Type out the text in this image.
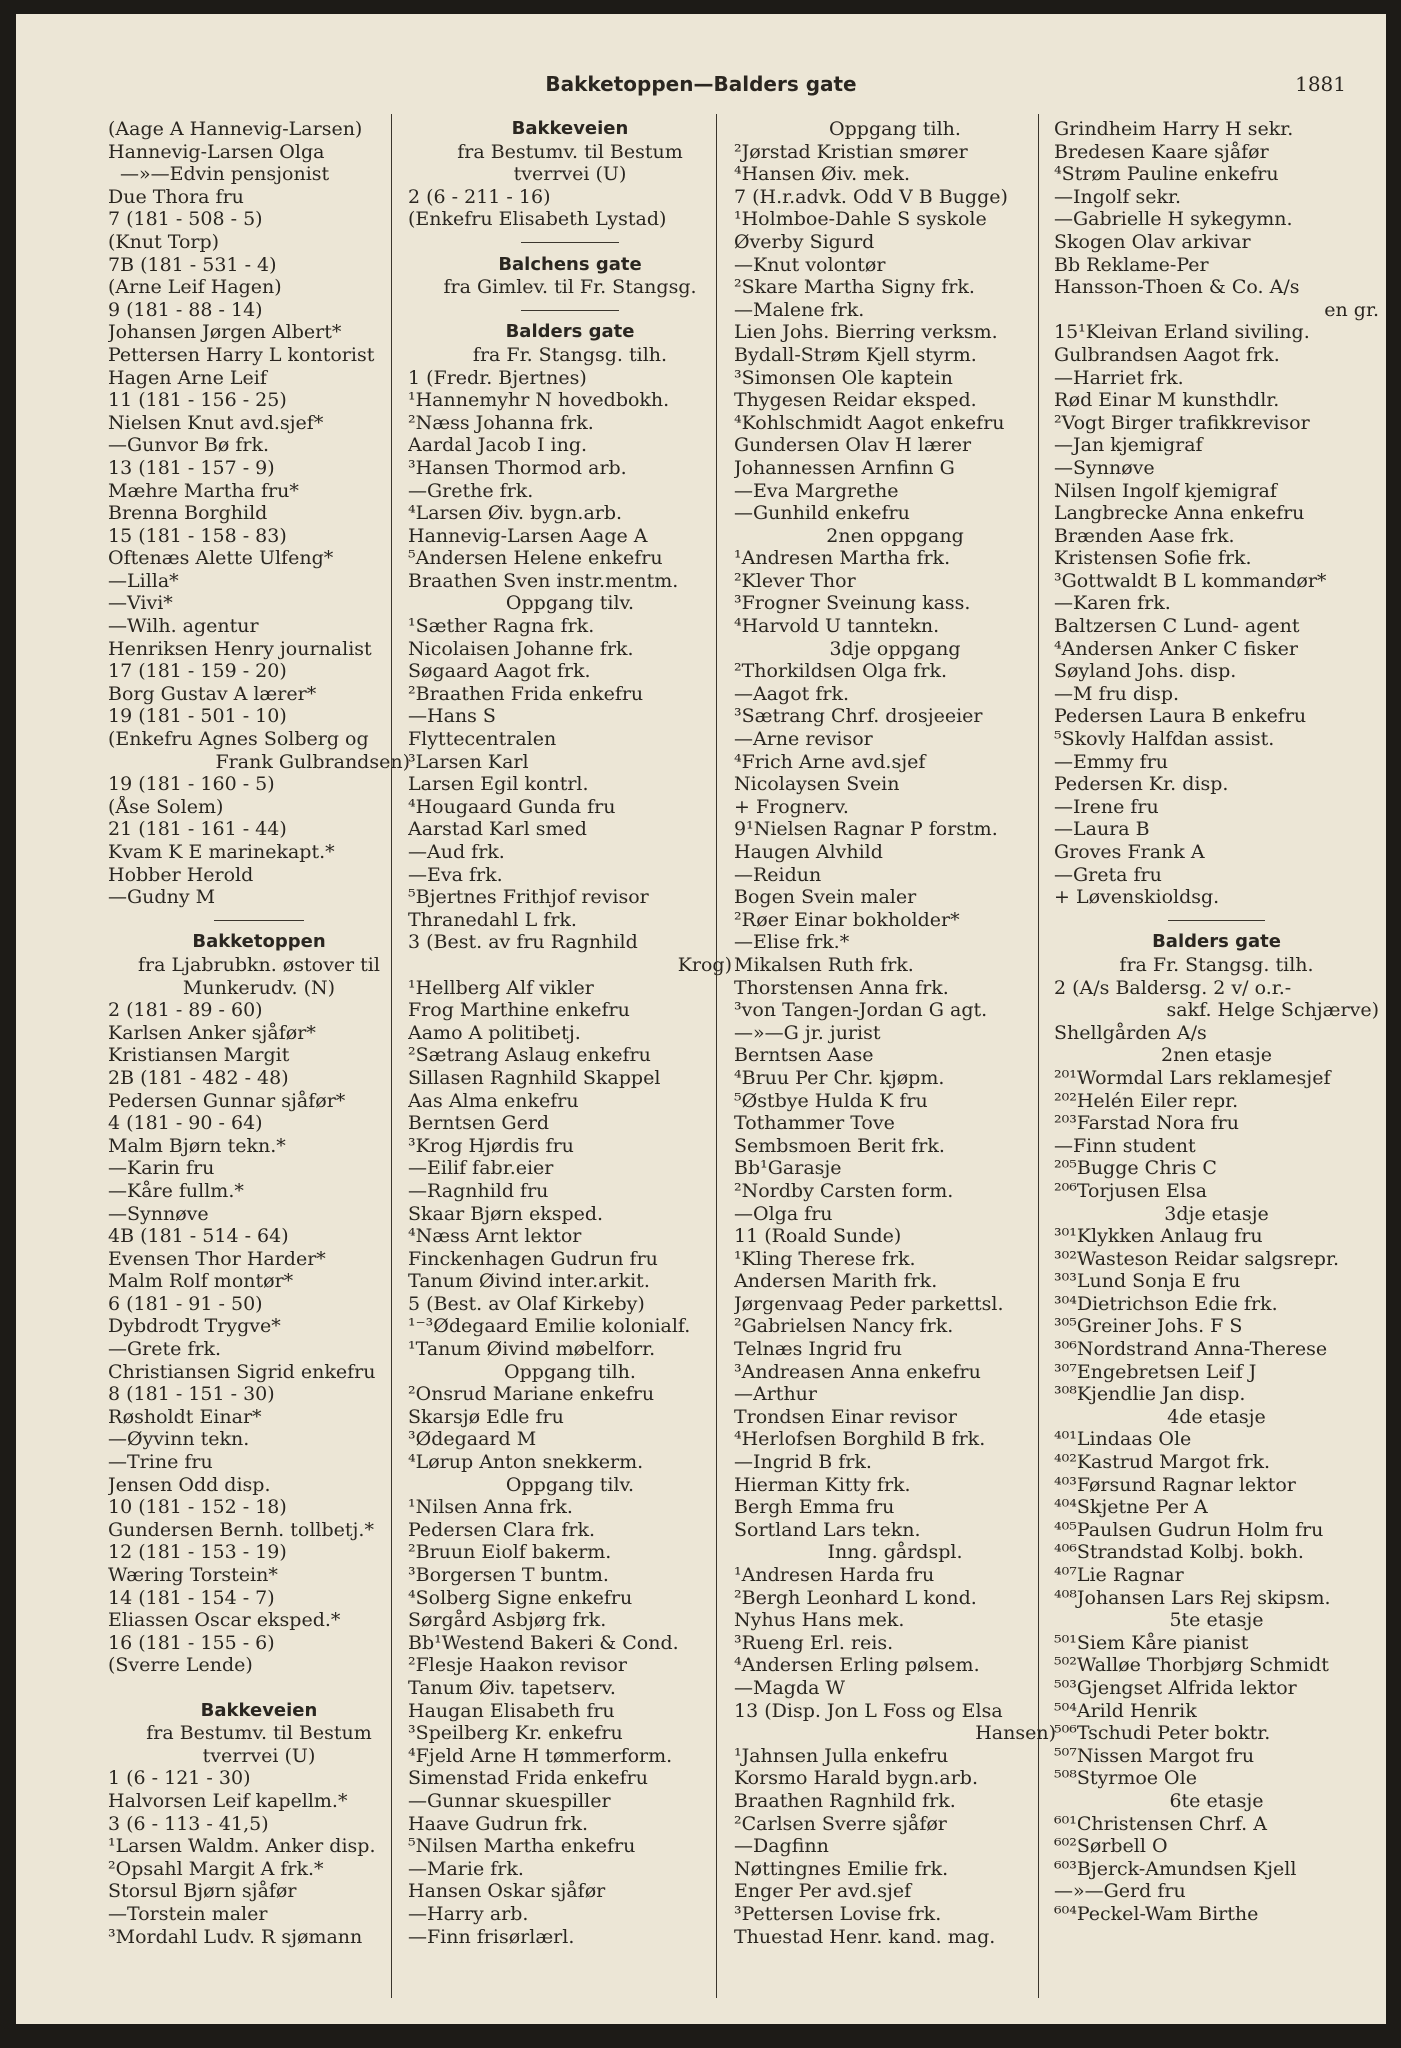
Bakketoppen—Balders gate	1881
(Aage A Hannevig-Larsen)
Hannevig-Larsen Olga
—»—Edvin pensjonist
Due Thora fru
7 (181 - 508 - 5)
(Knut Torp)
7B (181 - 531 - 4)
(Arne Leif Hagen)
9 (181 - 88 - 14)
Johansen Jørgen Albert*
Pettersen Harry L kontorist
Hagen Arne Leif
11 (181 - 156 - 25)
Nielsen Knut avd.sjef*
—Gunvor Bø frk.
13 (181 - 157 - 9)
Mæhre Martha fru*
Brenna Borghild
15 (181 - 158 - 83)
Oftenæs Alette Ulfeng*
—Lilla*
—Vivi*
—Wilh. agentur
Henriksen Henry journalist
17 (181 - 159 - 20)
Borg Gustav A lærer*
19 (181 - 501 - 10)
(Enkefru Agnes Solberg og
Frank Gulbrandsen)
19 (181 - 160 - 5)
(Åse Solem)
21 (181 - 161 - 44)
Kvam K E marinekapt.*
Hobber Herold
—Gudny M
Bakketoppen
fra Ljabrubkn. østover til
Munkerudv. (N)
2 (181 - 89 - 60)
Karlsen Anker sjåfør*
Kristiansen Margit
2B (181 - 482 - 48)
Pedersen Gunnar sjåfør*
4 (181 - 90 - 64)
Malm Bjørn tekn.*
—Karin fru
—Kåre fullm.*
—Synnøve
4B (181 - 514 - 64)
Evensen Thor Harder*
Malm Rolf montør*
6 (181 - 91 - 50)
Dybdrodt Trygve*
—Grete frk.
Christiansen Sigrid enkefru
8 (181 - 151 - 30)
Røsholdt Einar*
—Øyvinn tekn.
—Trine fru
Jensen Odd disp.
10 (181 - 152 - 18)
Gundersen Bernh. tollbetj.*
12 (181 - 153 - 19)
Wæring Torstein*
14 (181 - 154 - 7)
Eliassen Oscar eksped.*
16 (181 - 155 - 6)
(Sverre Lende)
Bakkeveien
fra Bestumv. til Bestum
tverrvei (U)
1 (6 - 121 - 30)
Halvorsen Leif kapellm.*
3 (6 - 113 - 41,5)
¹Larsen Waldm. Anker disp.
²Opsahl Margit A frk.*
Storsul Bjørn sjåfør
—Torstein maler
³Mordahl Ludv. R sjømann
Bakkeveien
fra Bestumv. til Bestum
tverrvei (U)
2 (6 - 211 - 16)
(Enkefru Elisabeth Lystad)
Balchens gate
fra Gimlev. til Fr. Stangsg.
Balders gate
fra Fr. Stangsg. tilh.
1 (Fredr. Bjertnes)
¹Hannemyhr N hovedbokh.
²Næss Johanna frk.
Aardal Jacob I ing.
³Hansen Thormod arb.
—Grethe frk.
⁴Larsen Øiv. bygn.arb.
Hannevig-Larsen Aage A
⁵Andersen Helene enkefru
Braathen Sven instr.mentm.
Oppgang tilv.
¹Sæther Ragna frk.
Nicolaisen Johanne frk.
Søgaard Aagot frk.
²Braathen Frida enkefru
—Hans S
Flyttecentralen
³Larsen Karl
Larsen Egil kontrl.
⁴Hougaard Gunda fru
Aarstad Karl smed
—Aud frk.
—Eva frk.
⁵Bjertnes Frithjof revisor
Thranedahl L frk.
3 (Best. av fru Ragnhild
Krog)
¹Hellberg Alf vikler
Frog Marthine enkefru
Aamo A politibetj.
²Sætrang Aslaug enkefru
Sillasen Ragnhild Skappel
Aas Alma enkefru
Berntsen Gerd
³Krog Hjørdis fru
—Eilif fabr.eier
—Ragnhild fru
Skaar Bjørn eksped.
⁴Næss Arnt lektor
Finckenhagen Gudrun fru
Tanum Øivind inter.arkit.
5 (Best. av Olaf Kirkeby)
¹⁻³Ødegaard Emilie kolonialf.
¹Tanum Øivind møbelforr.
Oppgang tilh.
²Onsrud Mariane enkefru
Skarsjø Edle fru
³Ødegaard M
⁴Lørup Anton snekkerm.
Oppgang tilv.
¹Nilsen Anna frk.
Pedersen Clara frk.
²Bruun Eiolf bakerm.
³Borgersen T buntm.
⁴Solberg Signe enkefru
Sørgård Asbjørg frk.
Bb¹Westend Bakeri & Cond.
²Flesje Haakon revisor
Tanum Øiv. tapetserv.
Haugan Elisabeth fru
³Speilberg Kr. enkefru
⁴Fjeld Arne H tømmerform.
Simenstad Frida enkefru
—Gunnar skuespiller
Haave Gudrun frk.
⁵Nilsen Martha enkefru
—Marie frk.
Hansen Oskar sjåfør
—Harry arb.
—Finn frisørlærl.
Oppgang tilh.
²Jørstad Kristian smører
⁴Hansen Øiv. mek.
7 (H.r.advk. Odd V B Bugge)
¹Holmboe-Dahle S syskole
Øverby Sigurd
—Knut volontør
²Skare Martha Signy frk.
—Malene frk.
Lien Johs. Bierring verksm.
Bydall-Strøm Kjell styrm.
³Simonsen Ole kaptein
Thygesen Reidar eksped.
⁴Kohlschmidt Aagot enkefru
Gundersen Olav H lærer
Johannessen Arnfinn G
—Eva Margrethe
—Gunhild enkefru
2nen oppgang
¹Andresen Martha frk.
²Klever Thor
³Frogner Sveinung kass.
⁴Harvold U tanntekn.
3dje oppgang
²Thorkildsen Olga frk.
—Aagot frk.
³Sætrang Chrf. drosjeeier
—Arne revisor
⁴Frich Arne avd.sjef
Nicolaysen Svein
+ Frognerv.
9¹Nielsen Ragnar P forstm.
Haugen Alvhild
—Reidun
Bogen Svein maler
²Røer Einar bokholder*
—Elise frk.*
Mikalsen Ruth frk.
Thorstensen Anna frk.
³von Tangen-Jordan G agt.
—»—G jr. jurist
Berntsen Aase
⁴Bruu Per Chr. kjøpm.
⁵Østbye Hulda K fru
Tothammer Tove
Sembsmoen Berit frk.
Bb¹Garasje
²Nordby Carsten form.
—Olga fru
11 (Roald Sunde)
¹Kling Therese frk.
Andersen Marith frk.
Jørgenvaag Peder parkettsl.
²Gabrielsen Nancy frk.
Telnæs Ingrid fru
³Andreasen Anna enkefru
—Arthur
Trondsen Einar revisor
⁴Herlofsen Borghild B frk.
—Ingrid B frk.
Hierman Kitty frk.
Bergh Emma fru
Sortland Lars tekn.
Inng. gårdspl.
¹Andresen Harda fru
²Bergh Leonhard L kond.
Nyhus Hans mek.
³Rueng Erl. reis.
⁴Andersen Erling pølsem.
—Magda W
13 (Disp. Jon L Foss og Elsa
Hansen)
¹Jahnsen Julla enkefru
Korsmo Harald bygn.arb.
Braathen Ragnhild frk.
²Carlsen Sverre sjåfør
—Dagfinn
Nøttingnes Emilie frk.
Enger Per avd.sjef
³Pettersen Lovise frk.
Thuestad Henr. kand. mag.
Grindheim Harry H sekr.
Bredesen Kaare sjåfør
⁴Strøm Pauline enkefru
—Ingolf sekr.
—Gabrielle H sykegymn.
Skogen Olav arkivar
Bb Reklame-Per
Hansson-Thoen & Co. A/s
en gr.
15¹Kleivan Erland siviling.
Gulbrandsen Aagot frk.
—Harriet frk.
Rød Einar M kunsthdlr.
²Vogt Birger trafikkrevisor
—Jan kjemigraf
—Synnøve
Nilsen Ingolf kjemigraf
Langbrecke Anna enkefru
Brænden Aase frk.
Kristensen Sofie frk.
³Gottwaldt B L kommandør*
—Karen frk.
Baltzersen C Lund- agent
⁴Andersen Anker C fisker
Søyland Johs. disp.
—M fru disp.
Pedersen Laura B enkefru
⁵Skovly Halfdan assist.
—Emmy fru
Pedersen Kr. disp.
—Irene fru
—Laura B
Groves Frank A
—Greta fru
+ Løvenskioldsg.
Balders gate
fra Fr. Stangsg. tilh.
2 (A/s Baldersg. 2 v/ o.r.-
sakf. Helge Schjærve)
Shellgården A/s
2nen etasje
²⁰¹Wormdal Lars reklamesjef
²⁰²Helén Eiler repr.
²⁰³Farstad Nora fru
—Finn student
²⁰⁵Bugge Chris C
²⁰⁶Torjusen Elsa
3dje etasje
³⁰¹Klykken Anlaug fru
³⁰²Wasteson Reidar salgsrepr.
³⁰³Lund Sonja E fru
³⁰⁴Dietrichson Edie frk.
³⁰⁵Greiner Johs. F S
³⁰⁶Nordstrand Anna-Therese
³⁰⁷Engebretsen Leif J
³⁰⁸Kjendlie Jan disp.
4de etasje
⁴⁰¹Lindaas Ole
⁴⁰²Kastrud Margot frk.
⁴⁰³Førsund Ragnar lektor
⁴⁰⁴Skjetne Per A
⁴⁰⁵Paulsen Gudrun Holm fru
⁴⁰⁶Strandstad Kolbj. bokh.
⁴⁰⁷Lie Ragnar
⁴⁰⁸Johansen Lars Rej skipsm.
5te etasje
⁵⁰¹Siem Kåre pianist
⁵⁰²Walløe Thorbjørg Schmidt
⁵⁰³Gjengset Alfrida lektor
⁵⁰⁴Arild Henrik
⁵⁰⁶Tschudi Peter boktr.
⁵⁰⁷Nissen Margot fru
⁵⁰⁸Styrmoe Ole
6te etasje
⁶⁰¹Christensen Chrf. A
⁶⁰²Sørbell O
⁶⁰³Bjerck-Amundsen Kjell
—»—Gerd fru
⁶⁰⁴Peckel-Wam Birthe
